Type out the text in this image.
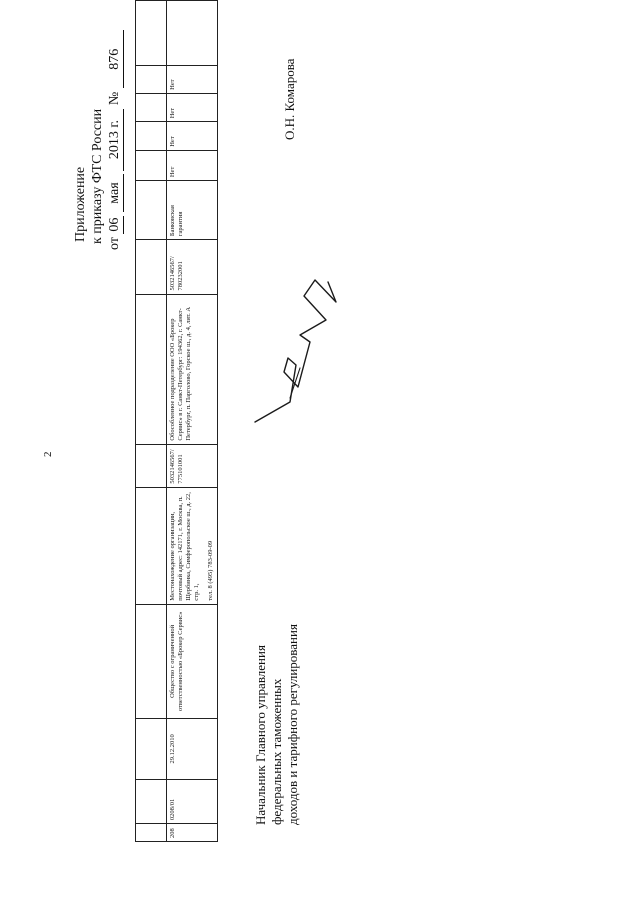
2
Приложение к приказу ФТС России от 06 мая 2013 г. № 876

208	0208/01	29.12.2010	Общество с ограниченной ответственностью «Брокер Сервис»	Местонахождение организации, почтовый адрес: 142171, г. Москва, п. Щербинка, Симферопольское ш., д. 22, стр. 1, тел. 8 (495) 783-09-09	5032146567/ 775101001	Обособленное подразделение ООО «Брокер Сервис» в г. Санкт-Петербург: 194362, г. Санкт-Петербург, п. Парголово, Горское ш., д. 4, лит. А	5032146567/ 780232001	Банковская гарантия	Нет	Нет	Нет	Нет	
Начальник Главного управления федеральных таможенных доходов и тарифного регулирования
О.Н. Комарова
